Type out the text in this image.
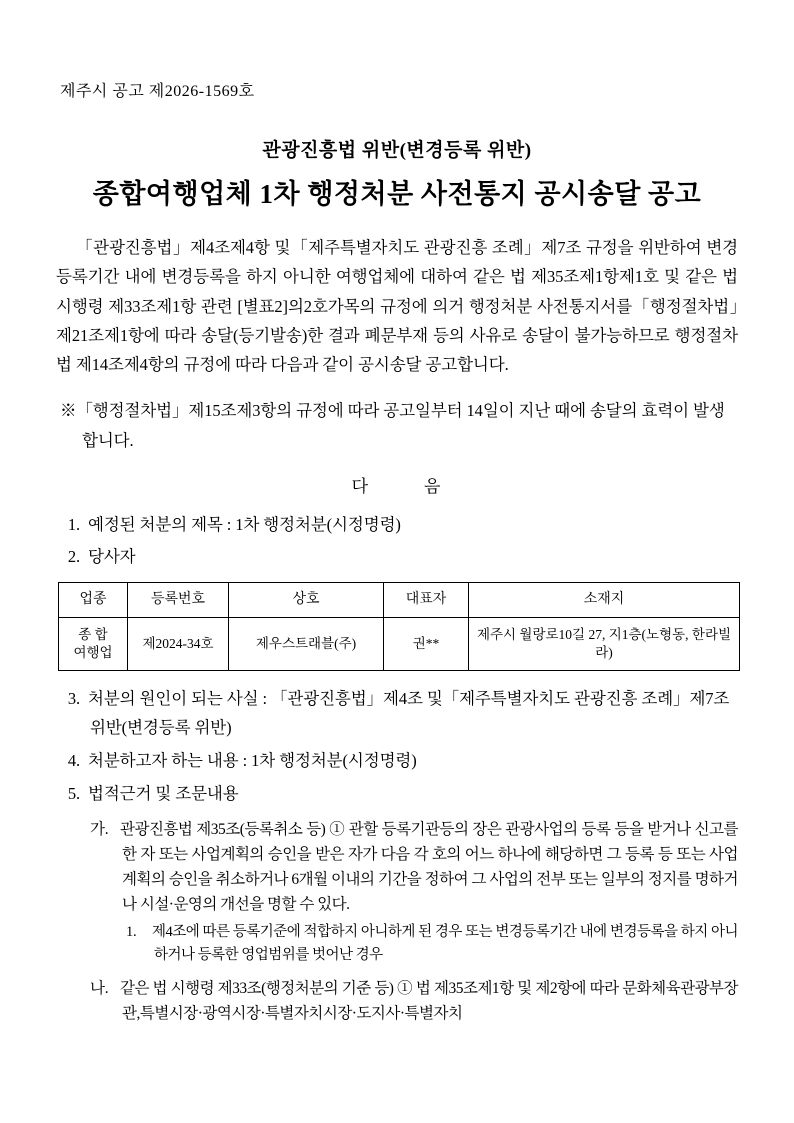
제주시 공고 제2026-1569호
관광진흥법 위반(변경등록 위반)
종합여행업체 1차 행정처분 사전통지 공시송달 공고

「관광진흥법」제4조제4항 및「제주특별자치도 관광진흥 조례」제7조 규정을 위반하여 변경등록기간 내에 변경등록을 하지 아니한 여행업체에 대하여 같은 법 제35조제1항제1호 및 같은 법 시행령 제33조제1항 관련 [별표2]의2호가목의 규정에 의거 행정처분 사전통지서를「행정절차법」제21조제1항에 따라 송달(등기발송)한 결과 폐문부재 등의 사유로 송달이 불가능하므로 행정절차법 제14조제4항의 규정에 따라 다음과 같이 공시송달 공고합니다.

※「행정절차법」제15조제3항의 규정에 따라 공고일부터 14일이 지난 때에 송달의 효력이 발생합니다.

다	음
1. 예정된 처분의 제목 : 1차 행정처분(시정명령)
2. 당사자
업종	등록번호	상호	대표자	소재지

종 합
여행업	제2024-34호	제우스트래블(주)	권**	제주시 월랑로10길 27, 지1층(노형동, 한라빌라)
3. 처분의 원인이 되는 사실 : 「관광진흥법」제4조 및「제주특별자치도 관광진흥 조례」제7조 위반(변경등록 위반)
4. 처분하고자 하는 내용 : 1차 행정처분(시정명령)
5. 법적근거 및 조문내용
가. 관광진흥법 제35조(등록취소 등) ① 관할 등록기관등의 장은 관광사업의 등록 등을 받거나 신고를 한 자 또는 사업계획의 승인을 받은 자가 다음 각 호의 어느 하나에 해당하면 그 등록 등 또는 사업계획의 승인을 취소하거나 6개월 이내의 기간을 정하여 그 사업의 전부 또는 일부의 정지를 명하거나 시설·운영의 개선을 명할 수 있다.
1. 제4조에 따른 등록기준에 적합하지 아니하게 된 경우 또는 변경등록기간 내에 변경등록을 하지 아니하거나 등록한 영업범위를 벗어난 경우
나. 같은 법 시행령 제33조(행정처분의 기준 등) ① 법 제35조제1항 및 제2항에 따라 문화체육관광부장관,특별시장·광역시장·특별자치시장·도지사·특별자치
